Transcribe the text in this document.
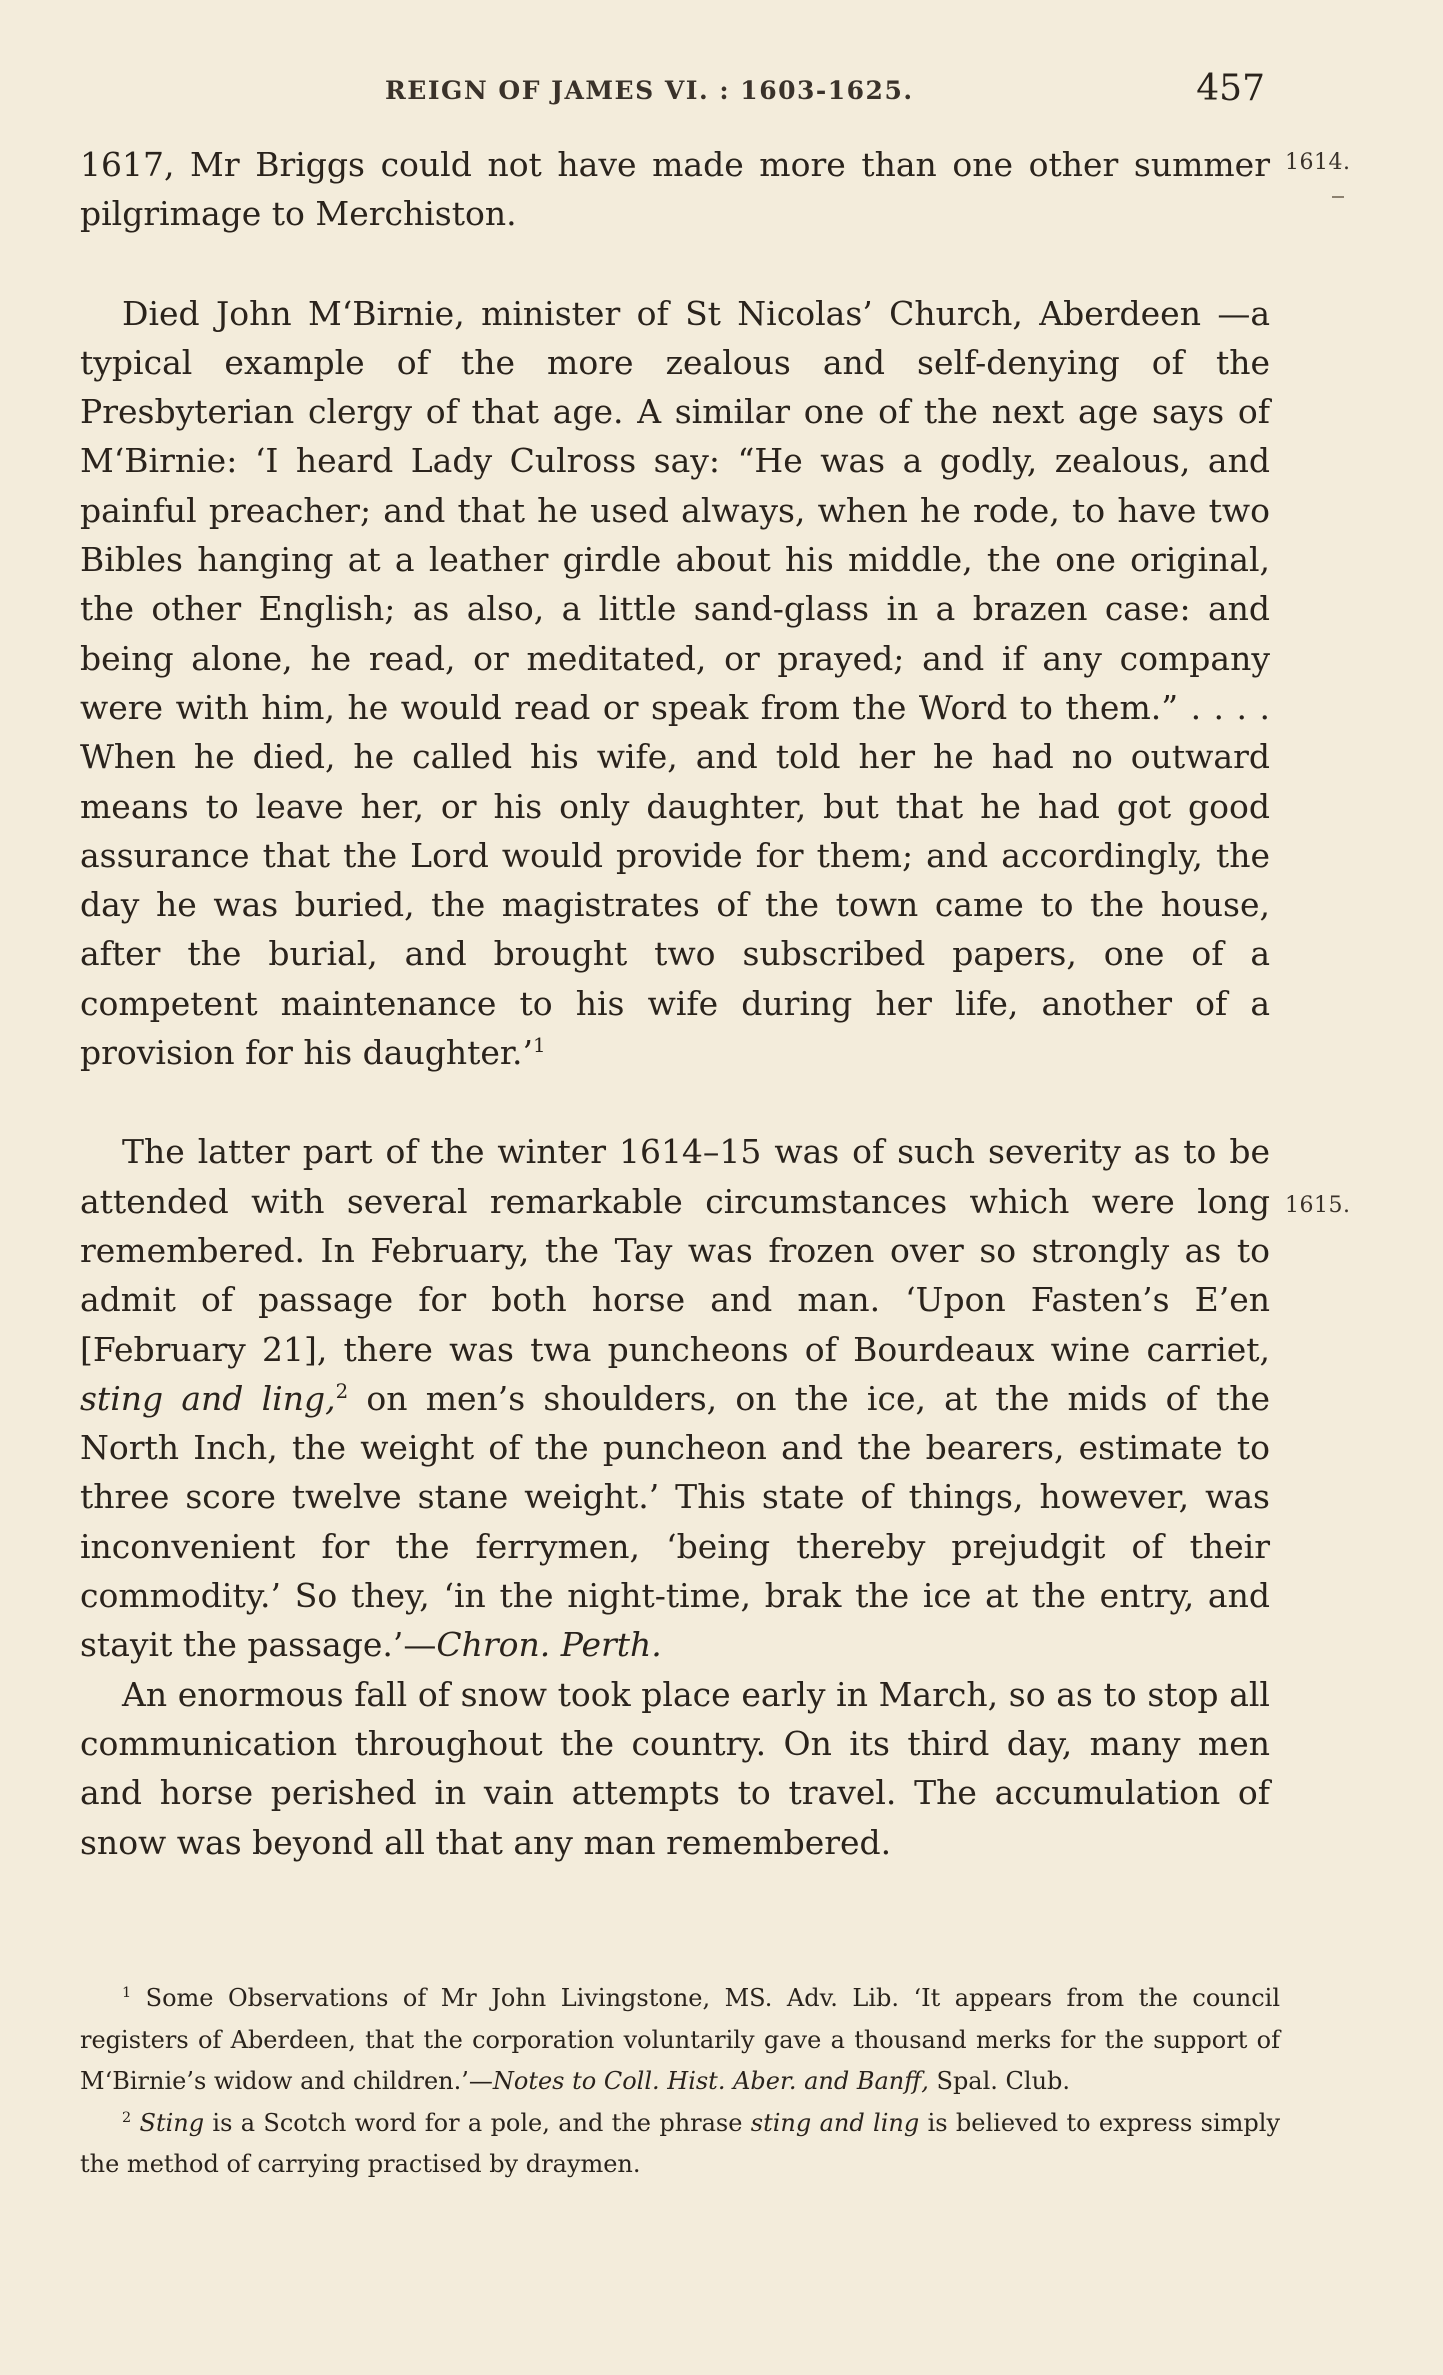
REIGN OF JAMES VI. : 1603-1625.	457
1614.
1615.

1617, Mr Briggs could not have made more than one other summer pilgrimage to Merchiston.

Died John M‘Birnie, minister of St Nicolas’ Church, Aberdeen —a typical example of the more zealous and self-denying of the Presbyterian clergy of that age. A similar one of the next age says of M‘Birnie: ‘I heard Lady Culross say: “He was a godly, zealous, and painful preacher; and that he used always, when he rode, to have two Bibles hanging at a leather girdle about his middle, the one original, the other English; as also, a little sand-glass in a brazen case: and being alone, he read, or meditated, or prayed; and if any company were with him, he would read or speak from the Word to them.” . . . . When he died, he called his wife, and told her he had no outward means to leave her, or his only daughter, but that he had got good assurance that the Lord would provide for them; and accordingly, the day he was buried, the magistrates of the town came to the house, after the burial, and brought two subscribed papers, one of a competent maintenance to his wife during her life, another of a provision for his daughter.’$^1$

The latter part of the winter 1614–15 was of such severity as to be attended with several remarkable circumstances which were long remembered. In February, the Tay was frozen over so strongly as to admit of passage for both horse and man. ‘Upon Fasten’s E’en [February 21], there was twa puncheons of Bourdeaux wine carriet, sting and ling,$^2$ on men’s shoulders, on the ice, at the mids of the North Inch, the weight of the puncheon and the bearers, estimate to three score twelve stane weight.’ This state of things, however, was inconvenient for the ferrymen, ‘being thereby prejudgit of their commodity.’ So they, ‘in the night-time, brak the ice at the entry, and stayit the passage.’—Chron. Perth.

An enormous fall of snow took place early in March, so as to stop all communication throughout the country. On its third day, many men and horse perished in vain attempts to travel. The accumulation of snow was beyond all that any man remembered.

$^1$ Some Observations of Mr John Livingstone, MS. Adv. Lib. ‘It appears from the council registers of Aberdeen, that the corporation voluntarily gave a thousand merks for the support of M‘Birnie’s widow and children.’—Notes to Coll. Hist. Aber. and Banff, Spal. Club.

$^2$ Sting is a Scotch word for a pole, and the phrase sting and ling is believed to express simply the method of carrying practised by draymen.
